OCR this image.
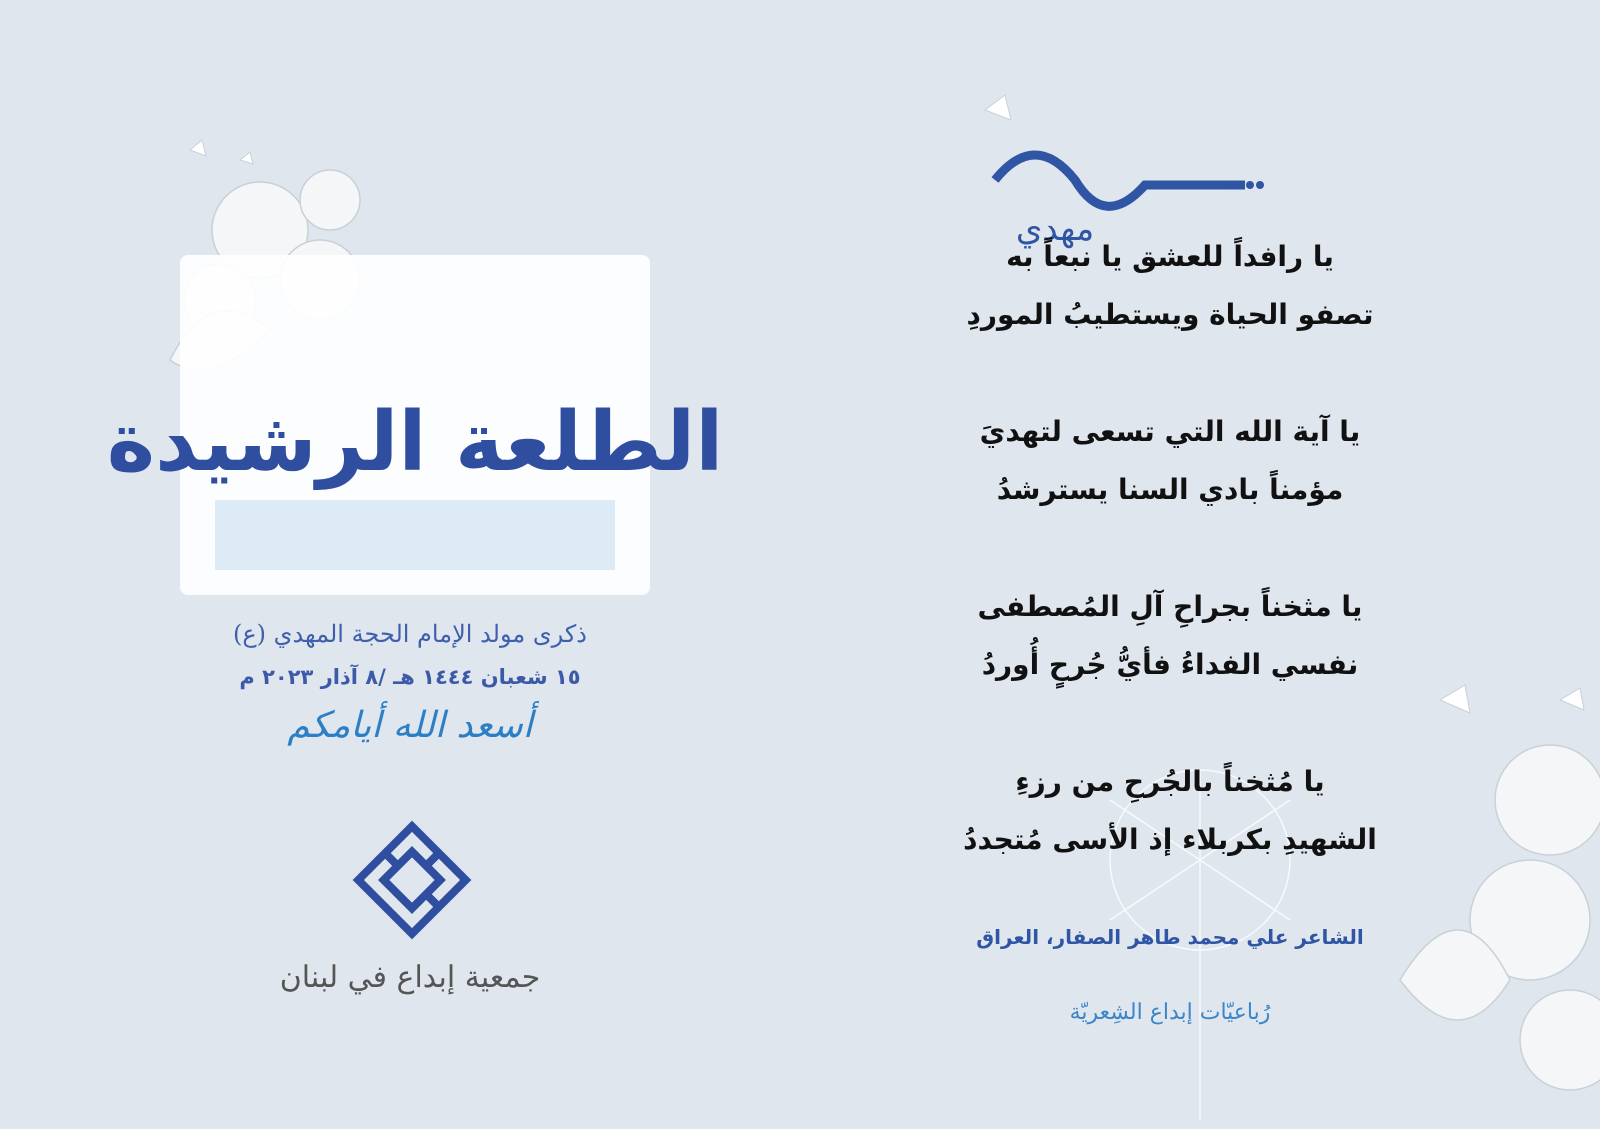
الطلعة الرشيدة
ذكرى مولد الإمام الحجة المهدي (ع)
١٥ شعبان ١٤٤٤ هـ /٨ آذار ٢٠٢٣ م
أسعد الله أيامكم
جمعية إبداع في لبنان
مهدي
يا رافداً للعشق يا نبعاً به
تصفو الحياة ويستطيبُ الموردِ
يا آية الله التي تسعى لتهديَ
مؤمناً بادي السنا يسترشدُ
يا مثخناً بجراحِ آلِ المُصطفى
نفسي الفداءُ فأيُّ جُرحٍ أُوردُ
يا مُثخناً بالجُرحِ من رزءِ
الشهيدِ بكربلاء إذ الأسى مُتجددُ
الشاعر علي محمد طاهر الصفار، العراق
رُباعيّات إبداع الشِعريّة
